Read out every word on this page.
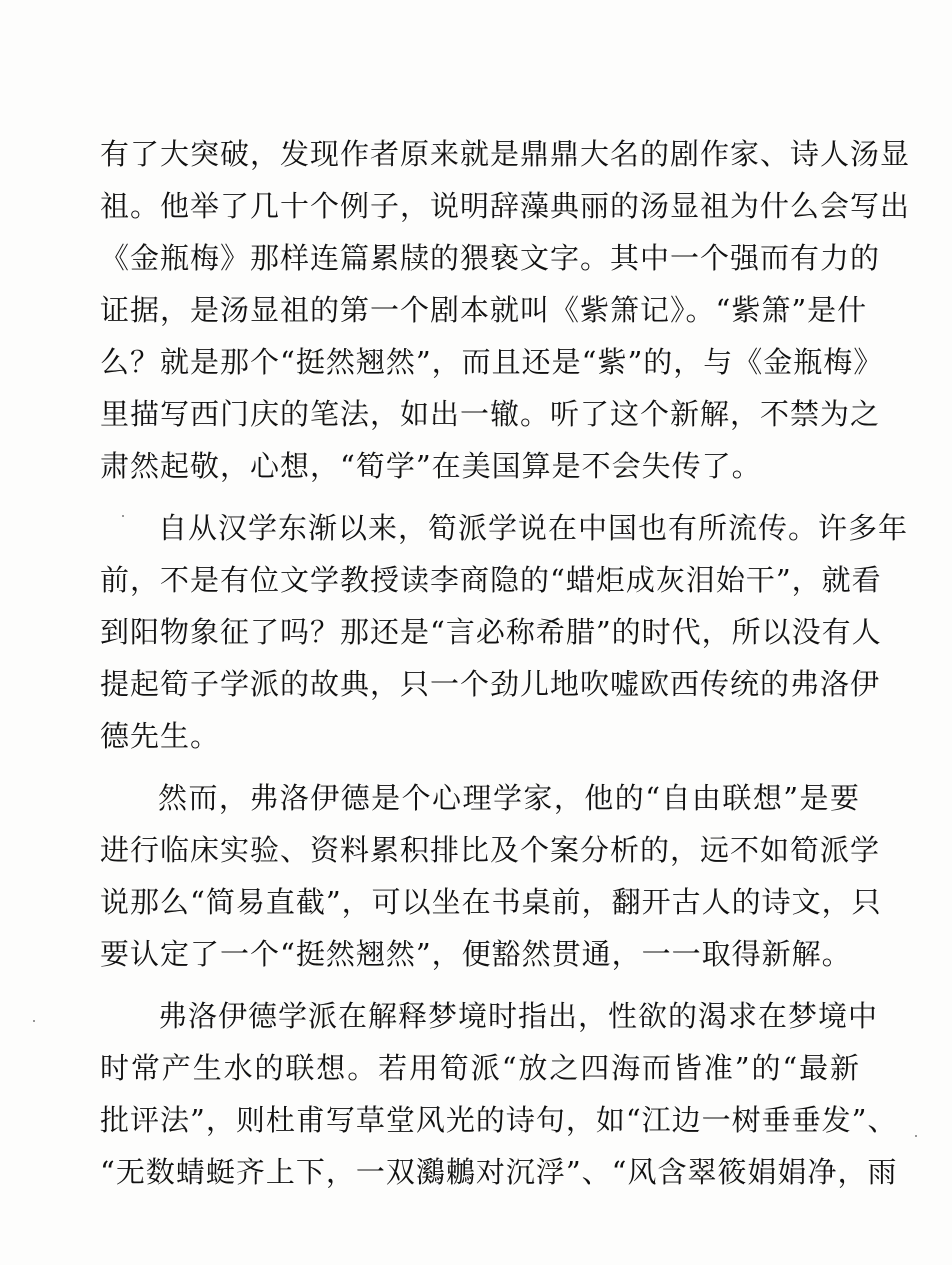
有了大突破，发现作者原来就是鼎鼎大名的剧作家、诗人汤显
祖。他举了几十个例子，说明辞藻典丽的汤显祖为什么会写出
《金瓶梅》那样连篇累牍的猥亵文字。其中一个强而有力的
证据，是汤显祖的第一个剧本就叫《紫箫记》。“紫箫”是什
么？就是那个“挺然翘然”，而且还是“紫”的，与《金瓶梅》
里描写西门庆的笔法，如出一辙。听了这个新解，不禁为之
肃然起敬，心想，“筍学”在美国算是不会失传了。
自从汉学东渐以来，筍派学说在中国也有所流传。许多年
前，不是有位文学教授读李商隐的“蜡炬成灰泪始干”，就看
到阳物象征了吗？那还是“言必称希腊”的时代，所以没有人
提起筍子学派的故典，只一个劲儿地吹嘘欧西传统的弗洛伊
德先生。
然而，弗洛伊德是个心理学家，他的“自由联想”是要
进行临床实验、资料累积排比及个案分析的，远不如筍派学
说那么“简易直截”，可以坐在书桌前，翻开古人的诗文，只
要认定了一个“挺然翘然”，便豁然贯通，一一取得新解。
弗洛伊德学派在解释梦境时指出，性欲的渴求在梦境中
时常产生水的联想。若用筍派“放之四海而皆准”的“最新
批评法”，则杜甫写草堂风光的诗句，如“江边一树垂垂发”、
“无数蜻蜓齐上下，一双鸂鶒对沉浮”、“风含翠筱娟娟净，雨
